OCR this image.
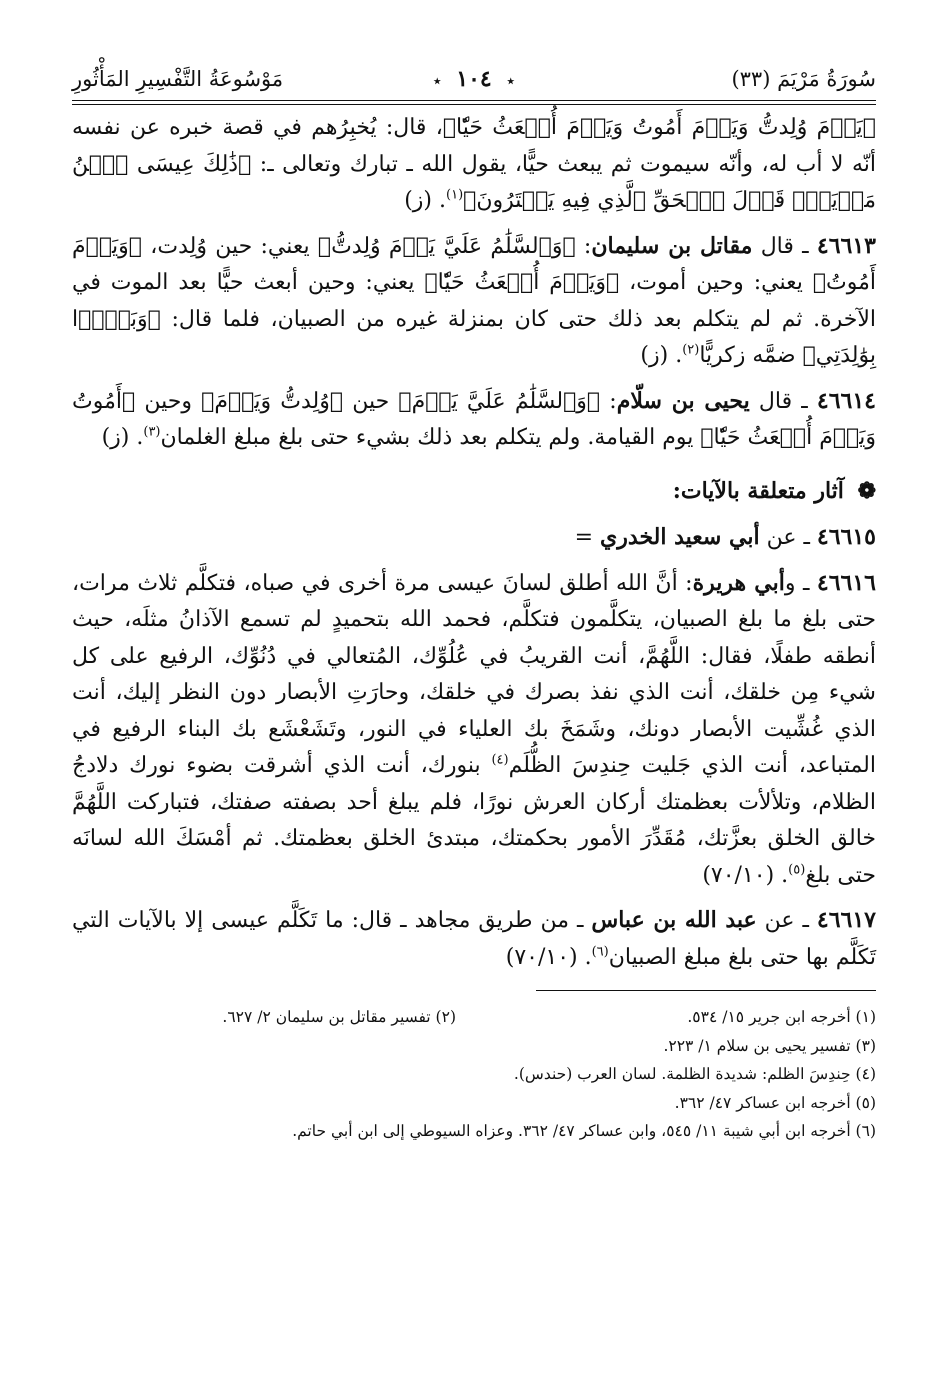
سُورَةُ مَرْيَمَ (٣٣)
٭ ١٠٤ ٭
مَوْسُوعَةُ التَّفْسِيرِ المَأْثُورِ

﴿يَوۡمَ وُلِدتُّ وَيَوۡمَ أَمُوتُ وَيَوۡمَ أُبۡعَثُ حَيّٗا﴾، قال: يُخبِرُهم في قصة خبره عن نفسه أنّه لا أب له، وأنّه سيموت ثم يبعث حيًّا، يقول الله ـ تبارك وتعالى ـ: ﴿ذَٰلِكَ عِيسَى ٱبۡنُ مَرۡيَمَۖ قَوۡلَ ٱلۡحَقِّ ٱلَّذِي فِيهِ يَمۡتَرُونَ﴾$^{(١)}$. (ز)

٤٦٦١٣ ـ قال مقاتل بن سليمان: ﴿وَٱلسَّلَٰمُ عَلَيَّ يَوۡمَ وُلِدتُّ﴾ يعني: حين وُلِدت، ﴿وَيَوۡمَ أَمُوتُ﴾ يعني: وحين أموت، ﴿وَيَوۡمَ أُبۡعَثُ حَيّٗا﴾ يعني: وحين أبعث حيًّا بعد الموت في الآخرة. ثم لم يتكلم بعد ذلك حتى كان بمنزلة غيره من الصبيان، فلما قال: ﴿وَبَرَّۢا بِوَٰلِدَتِي﴾ ضمَّه زكريًّا$^{(٢)}$. (ز)

٤٦٦١٤ ـ قال يحيى بن سلّام: ﴿وَٱلسَّلَٰمُ عَلَيَّ يَوۡمَ﴾ حين ﴿وُلِدتُّ وَيَوۡمَ﴾ وحين ﴿أَمُوتُ وَيَوۡمَ أُبۡعَثُ حَيّٗا﴾ يوم القيامة. ولم يتكلم بعد ذلك بشيء حتى بلغ مبلغ الغلمان$^{(٣)}$. (ز)

❁ آثار متعلقة بالآيات:

٤٦٦١٥ ـ عن أبي سعيد الخدري =

٤٦٦١٦ ـ وأبي هريرة: أنَّ الله أطلق لسانَ عيسى مرة أخرى في صباه، فتكلَّم ثلاث مرات، حتى بلغ ما بلغ الصبيان، يتكلَّمون فتكلَّم، فحمد الله بتحميدٍ لم تسمع الآذانُ مثلَه، حيث أنطقه طفلًا، فقال: اللَّهُمَّ، أنت القريبُ في عُلُوِّك، المُتعالي في دُنُوِّك، الرفيع على كل شيء مِن خلقك، أنت الذي نفذ بصرك في خلقك، وحارَتِ الأبصار دون النظر إليك، أنت الذي غُشِّيت الأبصار دونك، وشَمَخَ بك العلياء في النور، وتَشَعْشَع بك البناء الرفيع في المتباعد، أنت الذي جَليت حِندِسَ الظُّلَم$^{(٤)}$ بنورك، أنت الذي أشرقت بضوء نورك دلادجُ الظلام، وتلألأت بعظمتك أركان العرش نورًا، فلم يبلغ أحد بصفته صفتك، فتباركت اللَّهُمَّ خالق الخلق بعزَّتك، مُقَدِّرَ الأمور بحكمتك، مبتدئ الخلق بعظمتك. ثم أمْسَكَ الله لسانَه حتى بلغ$^{(٥)}$. (٧٠/١٠)

٤٦٦١٧ ـ عن عبد الله بن عباس ـ من طريق مجاهد ـ قال: ما تَكَلَّم عيسى إلا بالآيات التي تَكَلَّم بها حتى بلغ مبلغ الصبيان$^{(٦)}$. (٧٠/١٠)

(١) أخرجه ابن جرير ١٥/ ٥٣٤.
(٢) تفسير مقاتل بن سليمان ٢/ ٦٢٧.
(٣) تفسير يحيى بن سلام ١/ ٢٢٣.
(٤) حِندِسَ الظلم: شديدة الظلمة. لسان العرب (حندس).
(٥) أخرجه ابن عساكر ٤٧/ ٣٦٢.
(٦) أخرجه ابن أبي شيبة ١١/ ٥٤٥، وابن عساكر ٤٧/ ٣٦٢. وعزاه السيوطي إلى ابن أبي حاتم.
